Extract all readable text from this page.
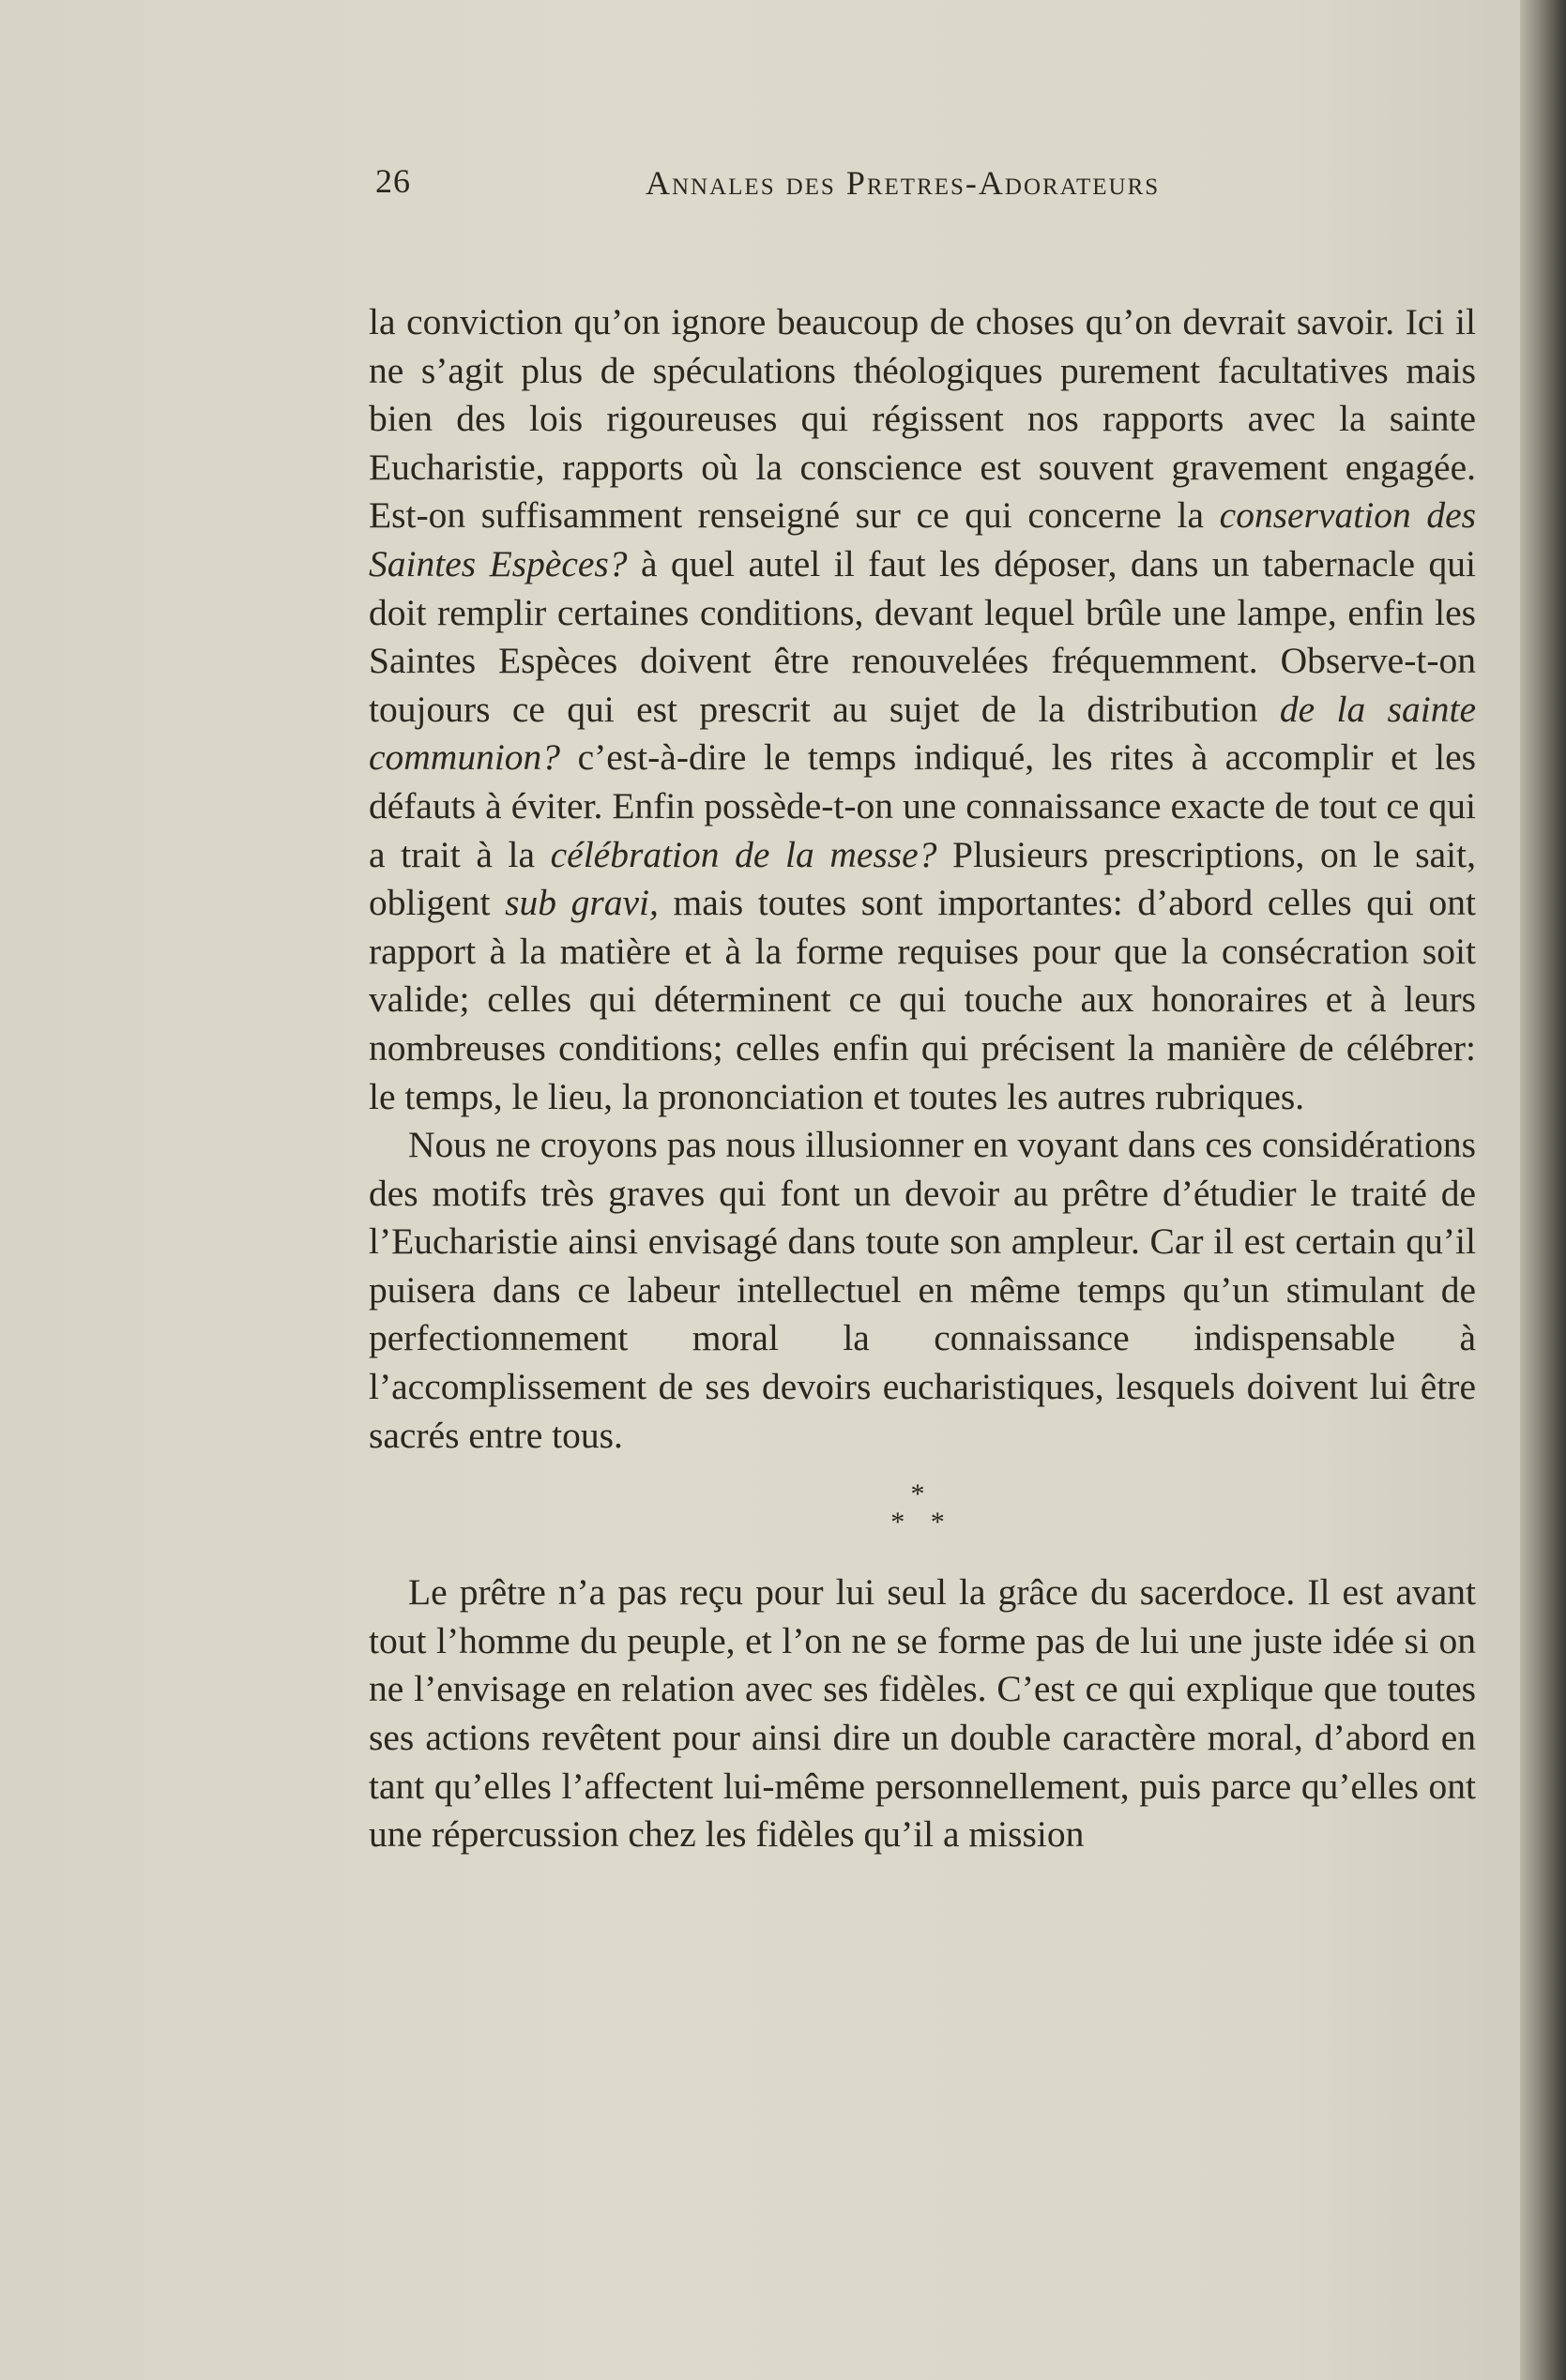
26	Annales des Pretres-Adorateurs

la conviction qu’on ignore beaucoup de choses qu’on devrait savoir. Ici il ne s’agit plus de spéculations théologiques purement facultatives mais bien des lois rigoureuses qui régissent nos rapports avec la sainte Eucharistie, rapports où la conscience est souvent gravement engagée. Est-on suffisamment renseigné sur ce qui concerne la conservation des Saintes Espèces? à quel autel il faut les déposer, dans un tabernacle qui doit remplir certaines conditions, devant lequel brûle une lampe, enfin les Saintes Espèces doivent être renouvelées fréquemment. Observe-t-on toujours ce qui est prescrit au sujet de la distribution de la sainte communion? c’est-à-dire le temps indiqué, les rites à accomplir et les défauts à éviter. Enfin possède-t-on une connaissance exacte de tout ce qui a trait à la célébration de la messe? Plusieurs prescriptions, on le sait, obligent sub gravi, mais toutes sont importantes: d’abord celles qui ont rapport à la matière et à la forme requises pour que la consécration soit valide; celles qui déterminent ce qui touche aux honoraires et à leurs nombreuses conditions; celles enfin qui précisent la manière de célébrer: le temps, le lieu, la prononciation et toutes les autres rubriques.

Nous ne croyons pas nous illusionner en voyant dans ces considérations des motifs très graves qui font un devoir au prêtre d’étudier le traité de l’Eucharistie ainsi envisagé dans toute son ampleur. Car il est certain qu’il puisera dans ce labeur intellectuel en même temps qu’un stimulant de perfectionnement moral la connaissance indispensable à l’accomplissement de ses devoirs eucharistiques, lesquels doivent lui être sacrés entre tous.

*
* *

Le prêtre n’a pas reçu pour lui seul la grâce du sacerdoce. Il est avant tout l’homme du peuple, et l’on ne se forme pas de lui une juste idée si on ne l’envisage en relation avec ses fidèles. C’est ce qui explique que toutes ses actions revêtent pour ainsi dire un double caractère moral, d’abord en tant qu’elles l’affectent lui-même personnellement, puis parce qu’elles ont une répercussion chez les fidèles qu’il a mission
